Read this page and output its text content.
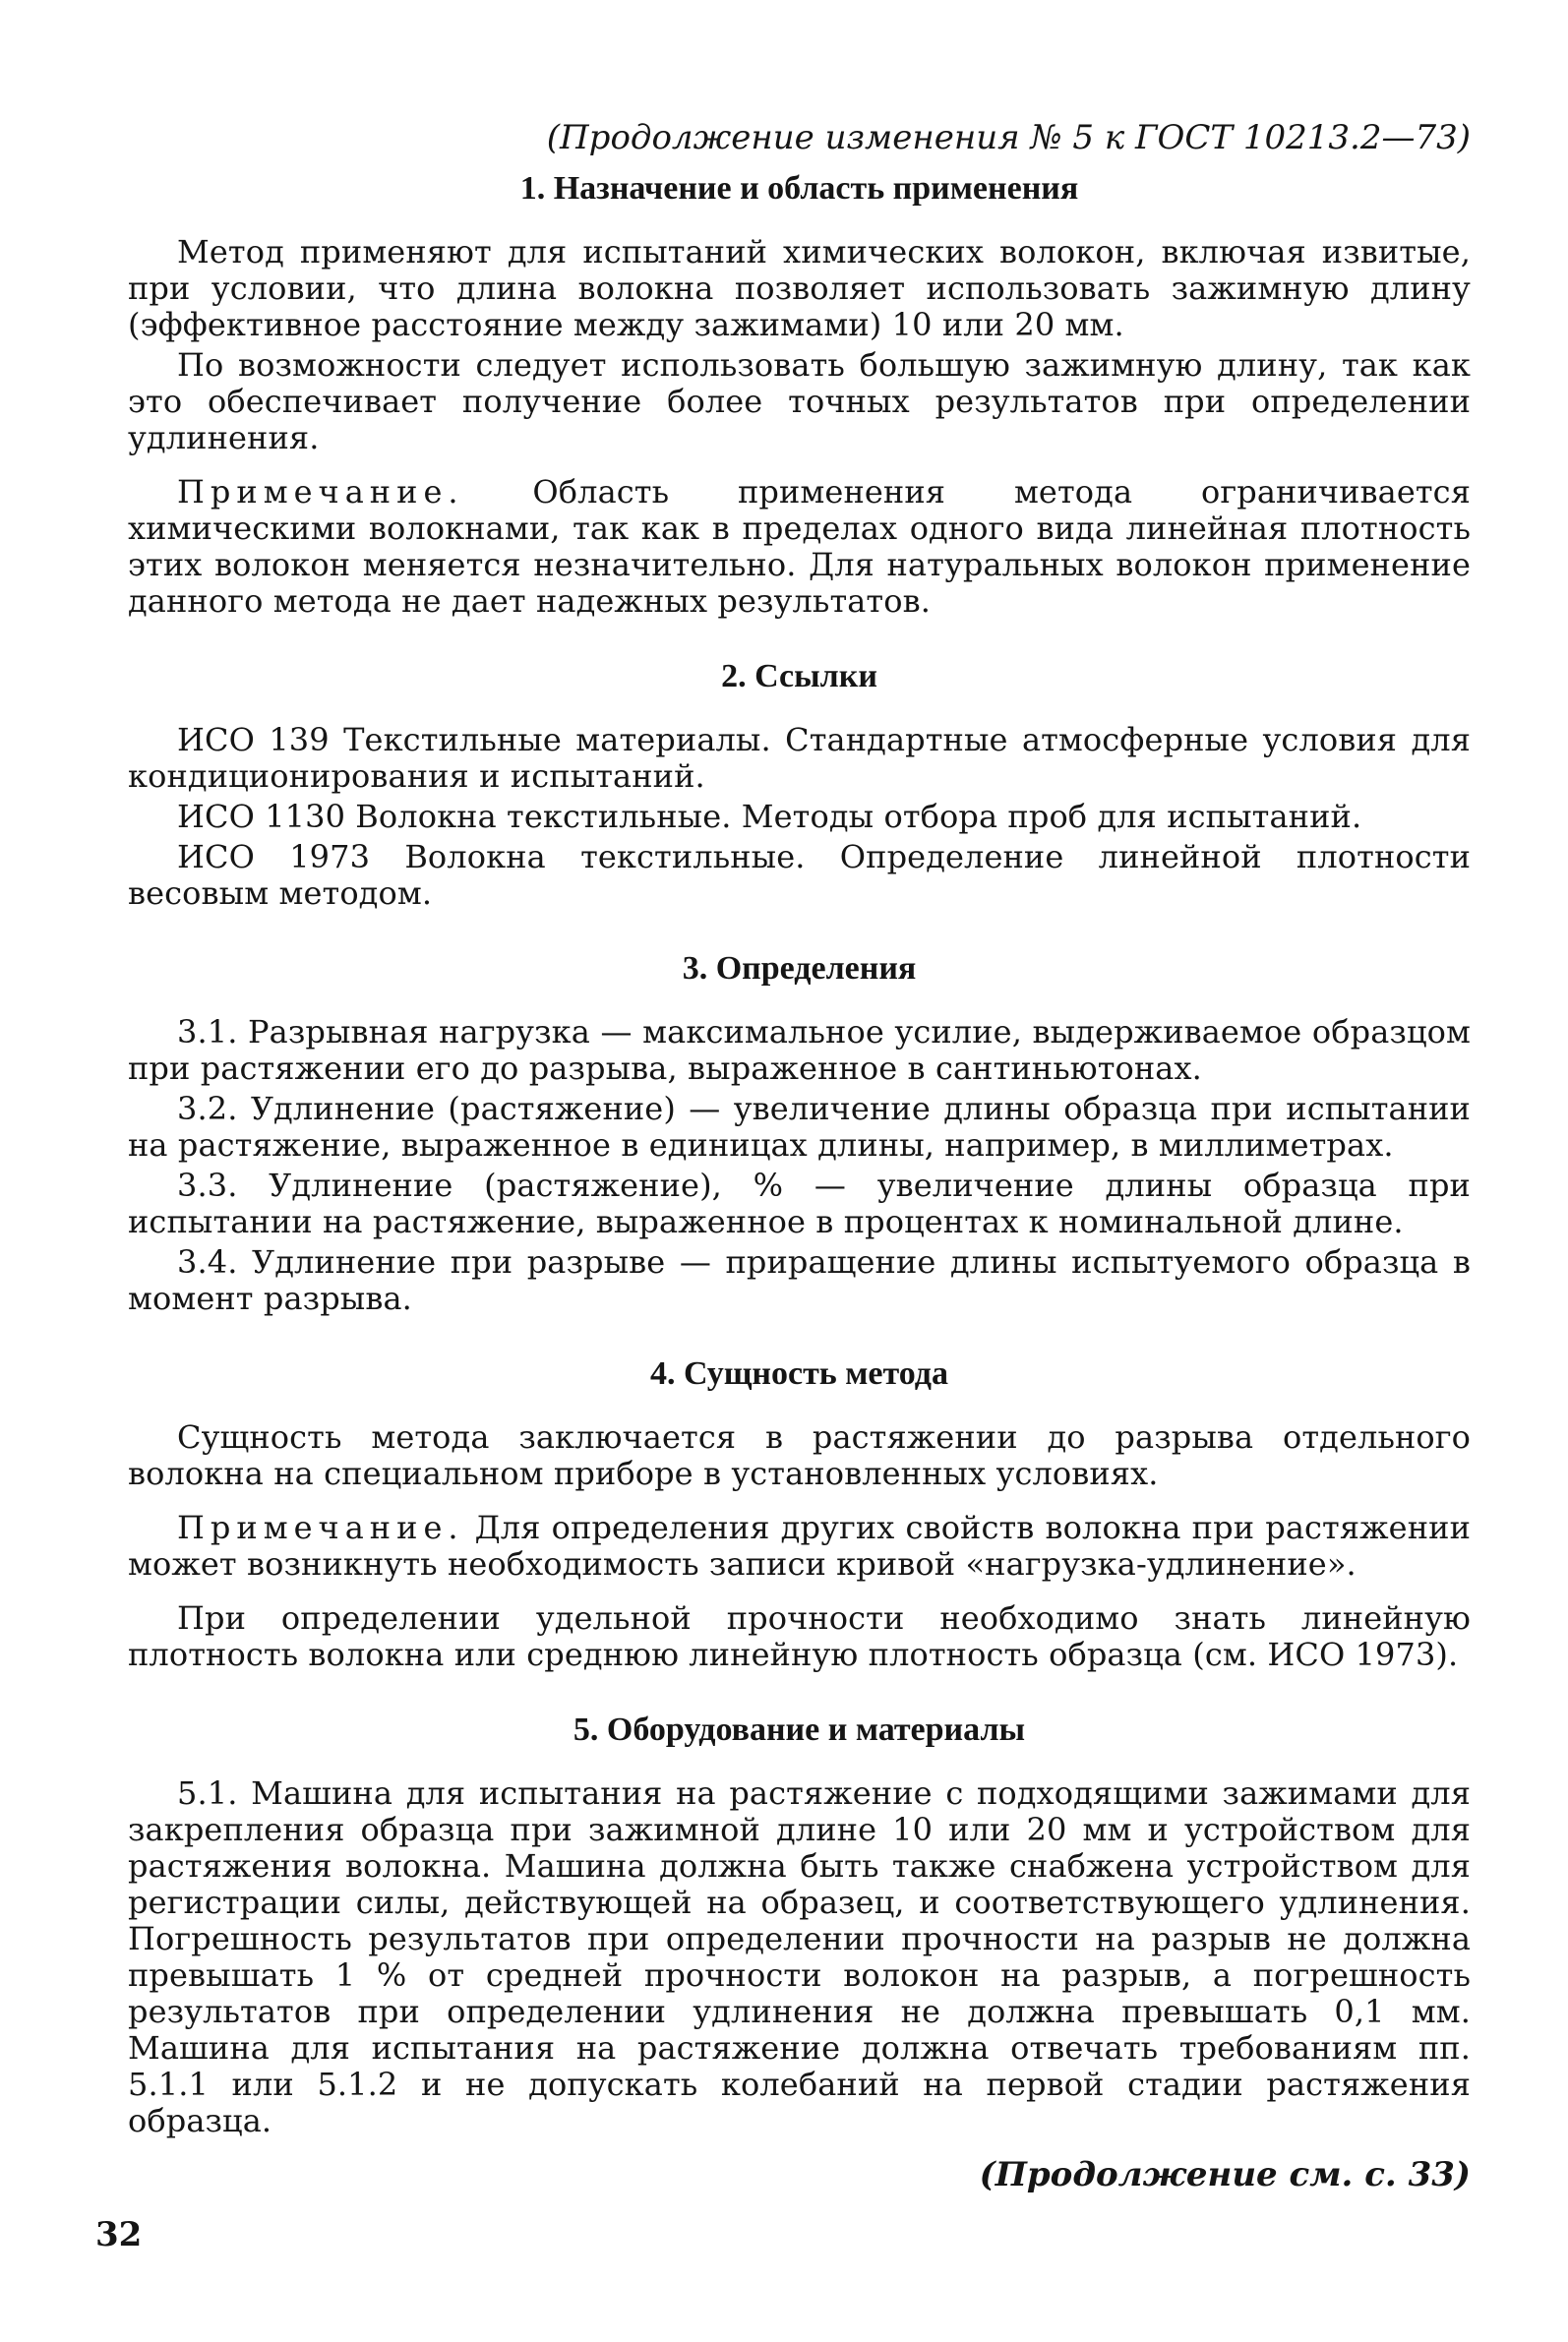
(Продолжение изменения № 5 к ГОСТ 10213.2—73)
1. Назначение и область применения

Метод применяют для испытаний химических волокон, включая извитые, при условии, что длина волокна позволяет использовать зажимную длину (эффективное расстояние между зажимами) 10 или 20 мм.

По возможности следует использовать большую зажимную длину, так как это обеспечивает получение более точных результатов при определении удлинения.

Примечание. Область применения метода ограничивается химическими волокнами, так как в пределах одного вида линейная плотность этих волокон меняется незначительно. Для натуральных волокон применение данного метода не дает надежных результатов.

2. Ссылки

ИСО 139 Текстильные материалы. Стандартные атмосферные условия для кондиционирования и испытаний.

ИСО 1130 Волокна текстильные. Методы отбора проб для испытаний.

ИСО 1973 Волокна текстильные. Определение линейной плотности весовым методом.

3. Определения

3.1. Разрывная нагрузка — максимальное усилие, выдерживаемое образцом при растяжении его до разрыва, выраженное в сантиньютонах.

3.2. Удлинение (растяжение) — увеличение длины образца при испытании на растяжение, выраженное в единицах длины, например, в миллиметрах.

3.3. Удлинение (растяжение), % — увеличение длины образца при испытании на растяжение, выраженное в процентах к номинальной длине.

3.4. Удлинение при разрыве — приращение длины испытуемого образца в момент разрыва.

4. Сущность метода

Сущность метода заключается в растяжении до разрыва отдельного волокна на специальном приборе в установленных условиях.

Примечание. Для определения других свойств волокна при растяжении может возникнуть необходимость записи кривой «нагрузка-удлинение».

При определении удельной прочности необходимо знать линейную плотность волокна или среднюю линейную плотность образца (см. ИСО 1973).

5. Оборудование и материалы

5.1. Машина для испытания на растяжение с подходящими зажимами для закрепления образца при зажимной длине 10 или 20 мм и устройством для растяжения волокна. Машина должна быть также снабжена устройством для регистрации силы, действующей на образец, и соответствующего удлинения. Погрешность результатов при определении прочности на разрыв не должна превышать 1 % от средней прочности волокон на разрыв, а погрешность результатов при определении удлинения не должна превышать 0,1 мм. Машина для испытания на растяжение должна отвечать требованиям пп. 5.1.1 или 5.1.2 и не допускать колебаний на первой стадии растяжения образца.

(Продолжение см. с. 33)
32
